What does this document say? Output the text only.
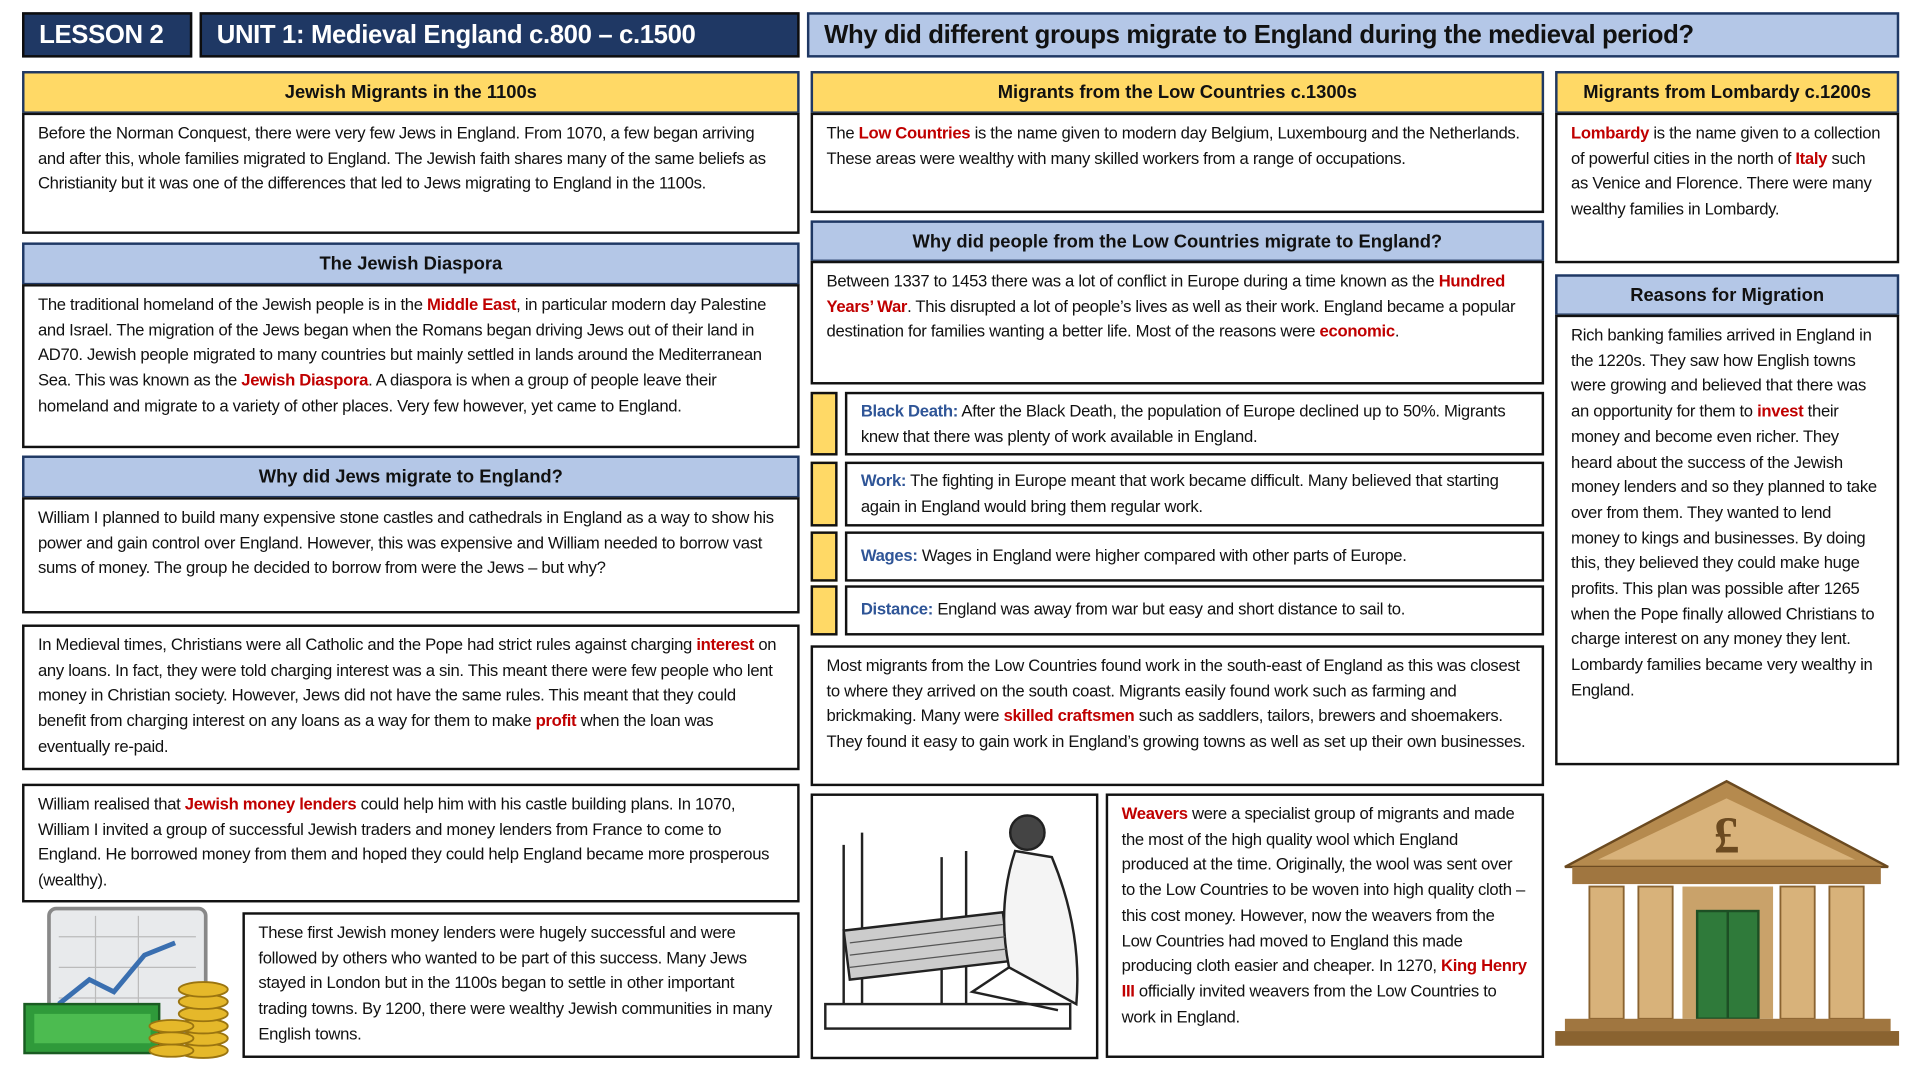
LESSON 2	UNIT 1: Medieval England c.800 – c.1500	Why did different groups migrate to England during the medieval period?
Jewish Migrants in the 1100s
Before the Norman Conquest, there were very few Jews in England. From 1070, a few began arriving and after this, whole families migrated to England. The Jewish faith shares many of the same beliefs as Christianity but it was one of the differences that led to Jews migrating to England in the 1100s.
The Jewish Diaspora
The traditional homeland of the Jewish people is in the Middle East, in particular modern day Palestine and Israel. The migration of the Jews began when the Romans began driving Jews out of their land in AD70. Jewish people migrated to many countries but mainly settled in lands around the Mediterranean Sea. This was known as the Jewish Diaspora. A diaspora is when a group of people leave their homeland and migrate to a variety of other places. Very few however, yet came to England.
Why did Jews migrate to England?
William I planned to build many expensive stone castles and cathedrals in England as a way to show his power and gain control over England. However, this was expensive and William needed to borrow vast sums of money. The group he decided to borrow from were the Jews – but why?
In Medieval times, Christians were all Catholic and the Pope had strict rules against charging interest on any loans. In fact, they were told charging interest was a sin. This meant there were few people who lent money in Christian society. However, Jews did not have the same rules. This meant that they could benefit from charging interest on any loans as a way for them to make profit when the loan was eventually re-paid.
William realised that Jewish money lenders could help him with his castle building plans. In 1070, William I invited a group of successful Jewish traders and money lenders from France to come to England. He borrowed money from them and hoped they could help England became more prosperous (wealthy).
These first Jewish money lenders were hugely successful and were followed by others who wanted to be part of this success. Many Jews stayed in London but in the 1100s began to settle in other important trading towns. By 1200, there were wealthy Jewish communities in many English towns.
Migrants from the Low Countries c.1300s
The Low Countries is the name given to modern day Belgium, Luxembourg and the Netherlands. These areas were wealthy with many skilled workers from a range of occupations.
Why did people from the Low Countries migrate to England?
Between 1337 to 1453 there was a lot of conflict in Europe during a time known as the Hundred Years’ War. This disrupted a lot of people’s lives as well as their work. England became a popular destination for families wanting a better life. Most of the reasons were economic.
Black Death: After the Black Death, the population of Europe declined up to 50%. Migrants knew that there was plenty of work available in England.
Work: The fighting in Europe meant that work became difficult. Many believed that starting again in England would bring them regular work.
Wages: Wages in England were higher compared with other parts of Europe.
Distance: England was away from war but easy and short distance to sail to.
Most migrants from the Low Countries found work in the south-east of England as this was closest to where they arrived on the south coast. Migrants easily found work such as farming and brickmaking. Many were skilled craftsmen such as saddlers, tailors, brewers and shoemakers. They found it easy to gain work in England’s growing towns as well as set up their own businesses.
Weavers were a specialist group of migrants and made the most of the high quality wool which England produced at the time. Originally, the wool was sent over to the Low Countries to be woven into high quality cloth – this cost money. However, now the weavers from the Low Countries had moved to England this made producing cloth easier and cheaper. In 1270, King Henry III officially invited weavers from the Low Countries to work in England.
Migrants from Lombardy c.1200s
Lombardy is the name given to a collection of powerful cities in the north of Italy such as Venice and Florence. There were many wealthy families in Lombardy.
Reasons for Migration
Rich banking families arrived in England in the 1220s. They saw how English towns were growing and believed that there was an opportunity for them to invest their money and become even richer. They heard about the success of the Jewish money lenders and so they planned to take over from them. They wanted to lend money to kings and businesses. By doing this, they believed they could make huge profits. This plan was possible after 1265 when the Pope finally allowed Christians to charge interest on any money they lent. Lombardy families became very wealthy in England.
£
